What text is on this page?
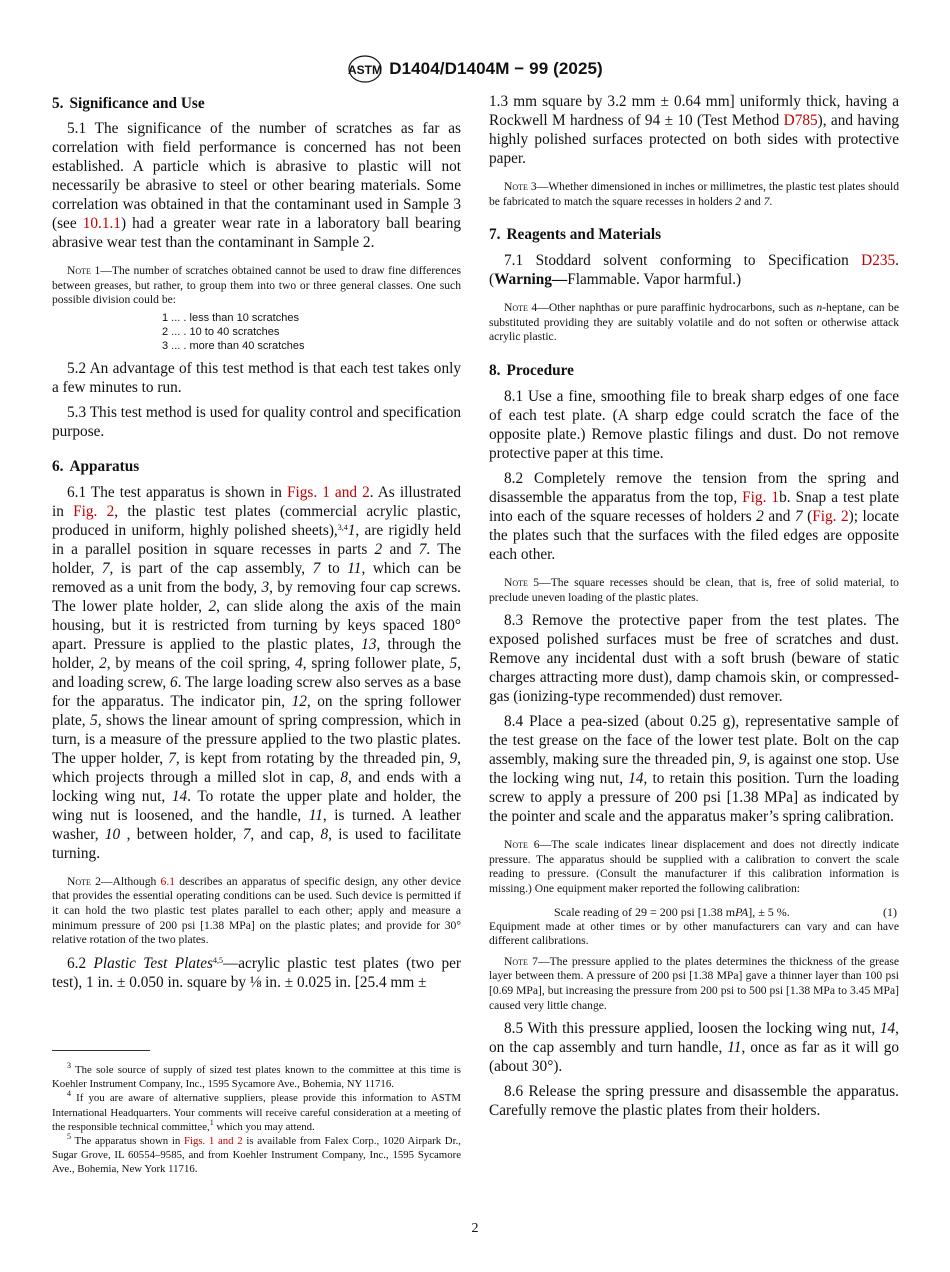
ASTM D1404/D1404M − 99 (2025)
5. Significance and Use

5.1 The significance of the number of scratches as far as correlation with field performance is concerned has not been established. A particle which is abrasive to plastic will not necessarily be abrasive to steel or other bearing materials. Some correlation was obtained in that the contaminant used in Sample 3 (see 10.1.1) had a greater wear rate in a laboratory ball bearing abrasive wear test than the contaminant in Sample 2.

Note 1—The number of scratches obtained cannot be used to draw fine differences between greases, but rather, to group them into two or three general classes. One such possible division could be:

1 ... . less than 10 scratches
2 ... . 10 to 40 scratches
3 ... . more than 40 scratches

5.2 An advantage of this test method is that each test takes only a few minutes to run.

5.3 This test method is used for quality control and specification purpose.

6. Apparatus

6.1 The test apparatus is shown in Figs. 1 and 2. As illustrated in Fig. 2, the plastic test plates (commercial acrylic plastic, produced in uniform, highly polished sheets),$^{3,4}$1, are rigidly held in a parallel position in square recesses in parts 2 and 7. The holder, 7, is part of the cap assembly, 7 to 11, which can be removed as a unit from the body, 3, by removing four cap screws. The lower plate holder, 2, can slide along the axis of the main housing, but it is restricted from turning by keys spaced 180° apart. Pressure is applied to the plastic plates, 13, through the holder, 2, by means of the coil spring, 4, spring follower plate, 5, and loading screw, 6. The large loading screw also serves as a base for the apparatus. The indicator pin, 12, on the spring follower plate, 5, shows the linear amount of spring compression, which in turn, is a measure of the pressure applied to the two plastic plates. The upper holder, 7, is kept from rotating by the threaded pin, 9, which projects through a milled slot in cap, 8, and ends with a locking wing nut, 14. To rotate the upper plate and holder, the wing nut is loosened, and the handle, 11, is turned. A leather washer, 10 , between holder, 7, and cap, 8, is used to facilitate turning.

Note 2—Although 6.1 describes an apparatus of specific design, any other device that provides the essential operating conditions can be used. Such device is permitted if it can hold the two plastic test plates parallel to each other; apply and measure a minimum pressure of 200 psi [1.38 MPa] on the plastic plates; and provide for 30° relative rotation of the two plates.

6.2 Plastic Test Plates$^{4,5}$—acrylic plastic test plates (two per test), 1 in. ± 0.050 in. square by ⅛ in. ± 0.025 in. [25.4 mm ±

$^3$ The sole source of supply of sized test plates known to the committee at this time is Koehler Instrument Company, Inc., 1595 Sycamore Ave., Bohemia, NY 11716.

$^4$ If you are aware of alternative suppliers, please provide this information to ASTM International Headquarters. Your comments will receive careful consideration at a meeting of the responsible technical committee,$^1$ which you may attend.

$^5$ The apparatus shown in Figs. 1 and 2 is available from Falex Corp., 1020 Airpark Dr., Sugar Grove, IL 60554–9585, and from Koehler Instrument Company, Inc., 1595 Sycamore Ave., Bohemia, New York 11716.

1.3 mm square by 3.2 mm ± 0.64 mm] uniformly thick, having a Rockwell M hardness of 94 ± 10 (Test Method D785), and having highly polished surfaces protected on both sides with protective paper.

Note 3—Whether dimensioned in inches or millimetres, the plastic test plates should be fabricated to match the square recesses in holders 2 and 7.

7. Reagents and Materials

7.1 Stoddard solvent conforming to Specification D235. (Warning—Flammable. Vapor harmful.)

Note 4—Other naphthas or pure paraffinic hydrocarbons, such as n-heptane, can be substituted providing they are suitably volatile and do not soften or otherwise attack acrylic plastic.

8. Procedure

8.1 Use a fine, smoothing file to break sharp edges of one face of each test plate. (A sharp edge could scratch the face of the opposite plate.) Remove plastic filings and dust. Do not remove protective paper at this time.

8.2 Completely remove the tension from the spring and disassemble the apparatus from the top, Fig. 1b. Snap a test plate into each of the square recesses of holders 2 and 7 (Fig. 2); locate the plates such that the surfaces with the filed edges are opposite each other.

Note 5—The square recesses should be clean, that is, free of solid material, to preclude uneven loading of the plastic plates.

8.3 Remove the protective paper from the test plates. The exposed polished surfaces must be free of scratches and dust. Remove any incidental dust with a soft brush (beware of static charges attracting more dust), damp chamois skin, or compressed-gas (ionizing-type recommended) dust remover.

8.4 Place a pea-sized (about 0.25 g), representative sample of the test grease on the face of the lower test plate. Bolt on the cap assembly, making sure the threaded pin, 9, is against one stop. Use the locking wing nut, 14, to retain this position. Turn the loading screw to apply a pressure of 200 psi [1.38 MPa] as indicated by the pointer and scale and the apparatus maker’s spring calibration.

Note 6—The scale indicates linear displacement and does not directly indicate pressure. The apparatus should be supplied with a calibration to convert the scale reading to pressure. (Consult the manufacturer if this calibration information is missing.) One equipment maker reported the following calibration:

Scale reading of 29 = 200 psi [1.38 mPA], ± 5 %.	(1)

Equipment made at other times or by other manufacturers can vary and can have different calibrations.

Note 7—The pressure applied to the plates determines the thickness of the grease layer between them. A pressure of 200 psi [1.38 MPa] gave a thinner layer than 100 psi [0.69 MPa], but increasing the pressure from 200 psi to 500 psi [1.38 MPa to 3.45 MPa] caused very little change.

8.5 With this pressure applied, loosen the locking wing nut, 14, on the cap assembly and turn handle, 11, once as far as it will go (about 30°).

8.6 Release the spring pressure and disassemble the apparatus. Carefully remove the plastic plates from their holders.

2
